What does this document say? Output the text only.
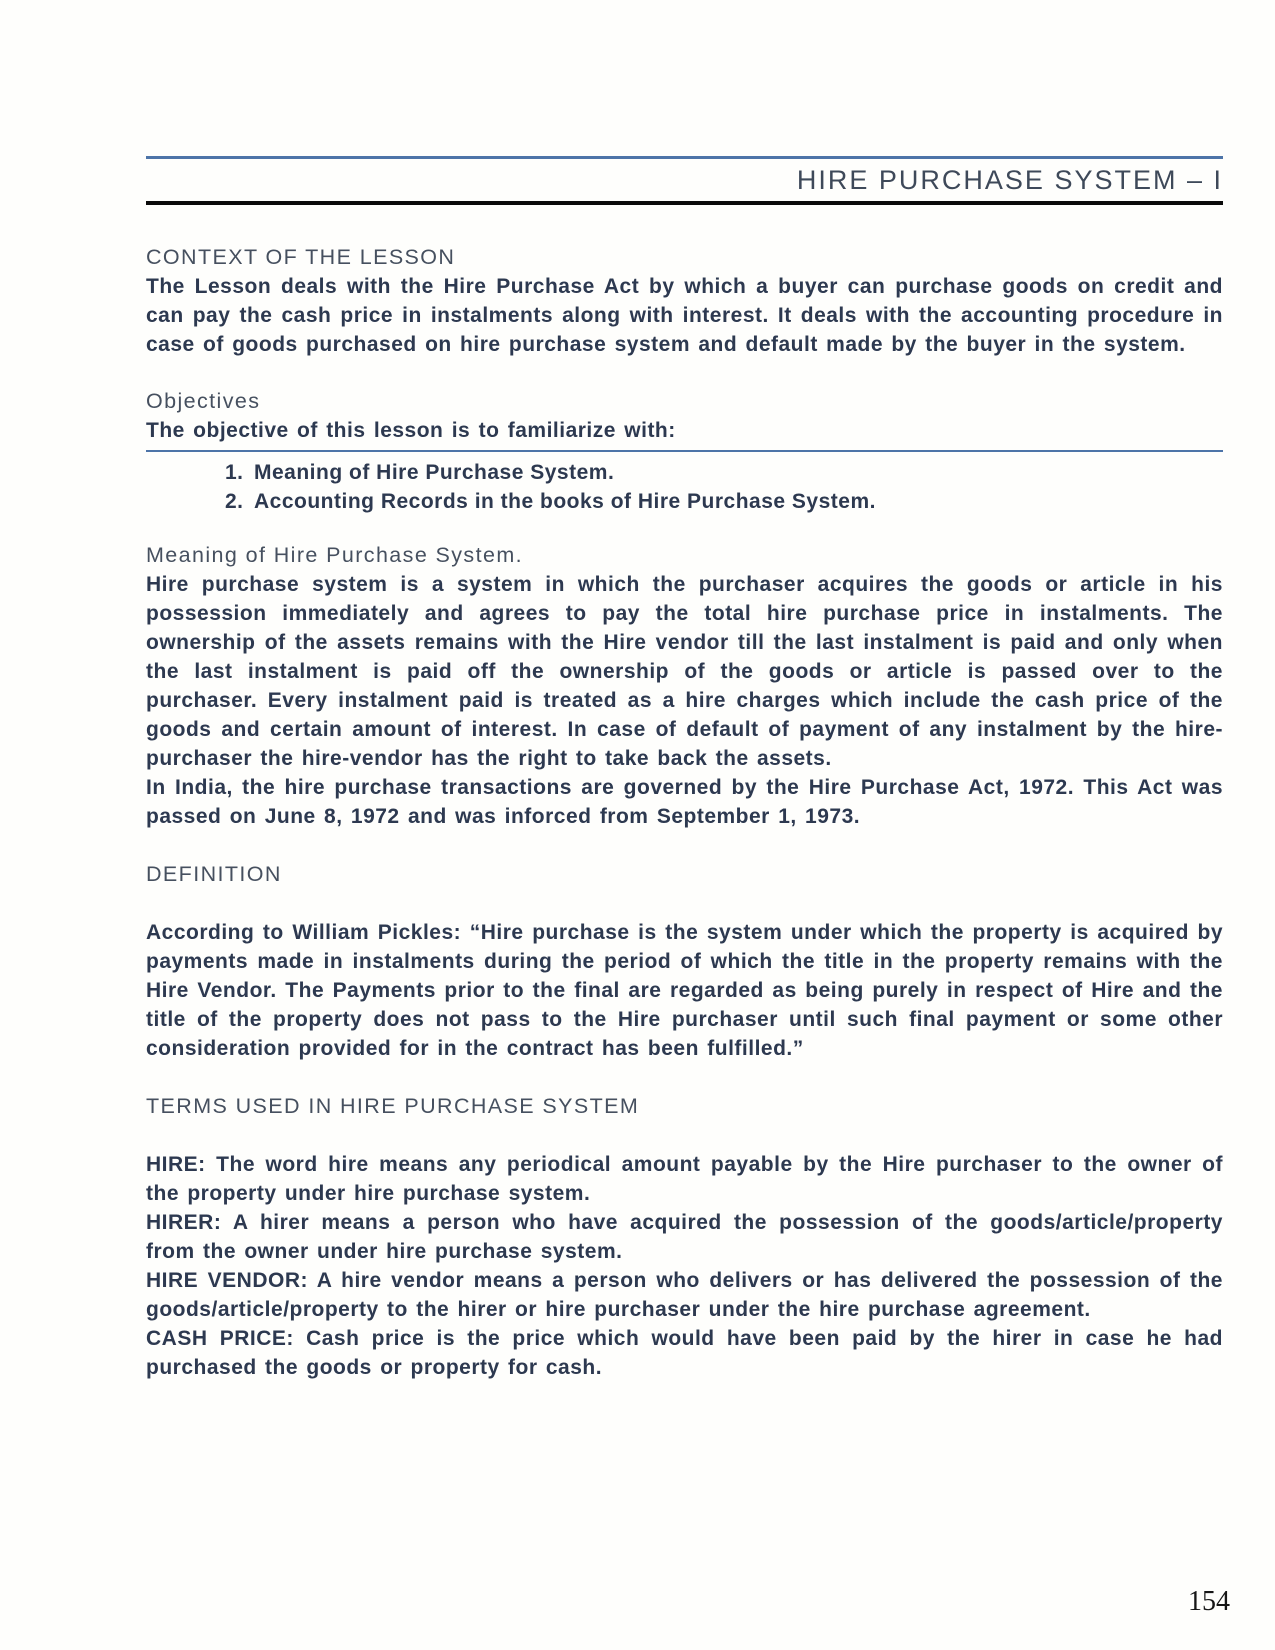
HIRE PURCHASE SYSTEM – I
CONTEXT OF THE LESSON

The Lesson deals with the Hire Purchase Act by which a buyer can purchase goods on credit and can pay the cash price in instalments along with interest. It deals with the accounting procedure in case of goods purchased on hire purchase system and default made by the buyer in the system.

Objectives

The objective of this lesson is to familiarize with:

1. Meaning of Hire Purchase System.
2. Accounting Records in the books of Hire Purchase System.
Meaning of Hire Purchase System.

Hire purchase system is a system in which the purchaser acquires the goods or article in his possession immediately and agrees to pay the total hire purchase price in instalments. The ownership of the assets remains with the Hire vendor till the last instalment is paid and only when the last instalment is paid off the ownership of the goods or article is passed over to the purchaser. Every instalment paid is treated as a hire charges which include the cash price of the goods and certain amount of interest. In case of default of payment of any instalment by the hire-purchaser the hire-vendor has the right to take back the assets.

In India, the hire purchase transactions are governed by the Hire Purchase Act, 1972. This Act was passed on June 8, 1972 and was inforced from September 1, 1973.

DEFINITION

According to William Pickles: “Hire purchase is the system under which the property is acquired by payments made in instalments during the period of which the title in the property remains with the Hire Vendor. The Payments prior to the final are regarded as being purely in respect of Hire and the title of the property does not pass to the Hire purchaser until such final payment or some other consideration provided for in the contract has been fulfilled.”

TERMS USED IN HIRE PURCHASE SYSTEM

HIRE: The word hire means any periodical amount payable by the Hire purchaser to the owner of the property under hire purchase system.

HIRER: A hirer means a person who have acquired the possession of the goods/article/property from the owner under hire purchase system.

HIRE VENDOR: A hire vendor means a person who delivers or has delivered the possession of the goods/article/property to the hirer or hire purchaser under the hire purchase agreement.

CASH PRICE: Cash price is the price which would have been paid by the hirer in case he had purchased the goods or property for cash.

154
